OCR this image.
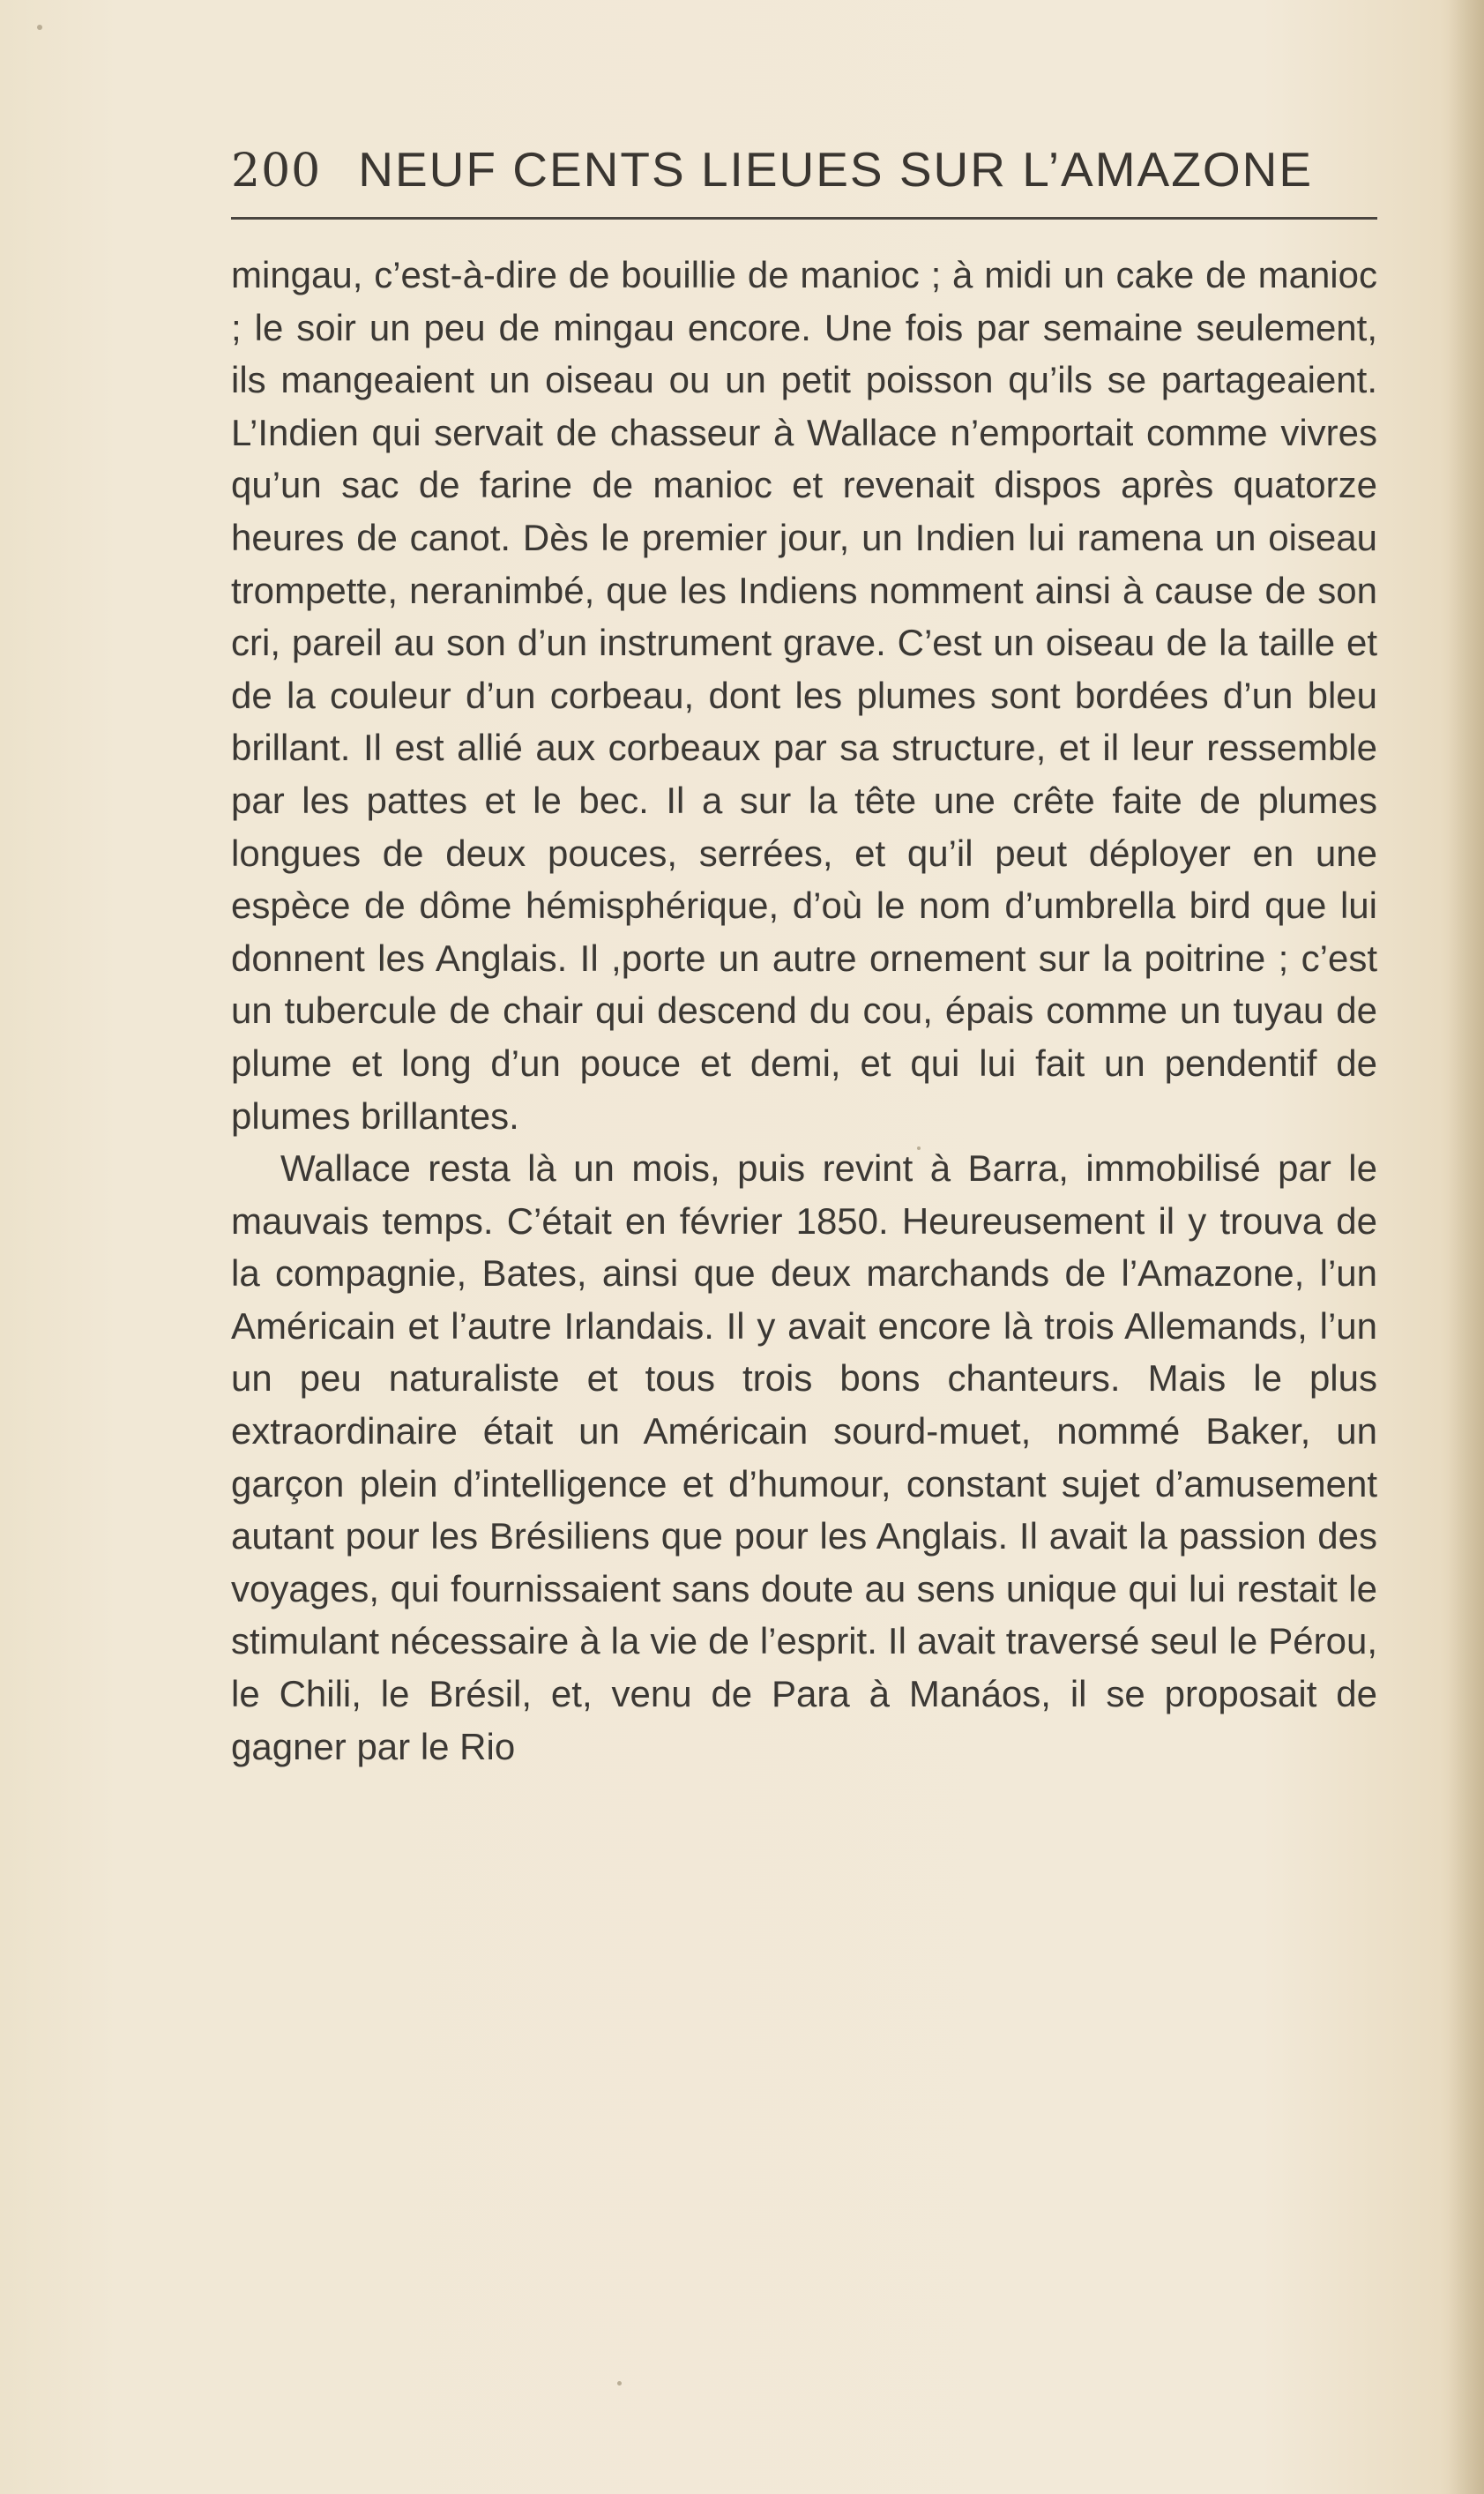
200 NEUF CENTS LIEUES SUR L’AMAZONE

mingau, c’est-à-dire de bouillie de manioc ; à midi un cake de manioc ; le soir un peu de mingau encore. Une fois par semaine seulement, ils mangeaient un oiseau ou un petit poisson qu’ils se partageaient. L’Indien qui servait de chasseur à Wallace n’emportait comme vivres qu’un sac de farine de manioc et revenait dispos après quatorze heures de canot. Dès le premier jour, un Indien lui ramena un oiseau trompette, neranimbé, que les Indiens nomment ainsi à cause de son cri, pareil au son d’un instrument grave. C’est un oiseau de la taille et de la couleur d’un corbeau, dont les plumes sont bordées d’un bleu brillant. Il est allié aux corbeaux par sa structure, et il leur ressemble par les pattes et le bec. Il a sur la tête une crête faite de plumes longues de deux pouces, serrées, et qu’il peut déployer en une espèce de dôme hémisphérique, d’où le nom d’umbrella bird que lui donnent les Anglais. Il ,porte un autre ornement sur la poitrine ; c’est un tubercule de chair qui descend du cou, épais comme un tuyau de plume et long d’un pouce et demi, et qui lui fait un pendentif de plumes brillantes.

Wallace resta là un mois, puis revint à Barra, immobilisé par le mauvais temps. C’était en février 1850. Heureusement il y trouva de la compagnie, Bates, ainsi que deux marchands de l’Amazone, l’un Américain et l’autre Irlandais. Il y avait encore là trois Allemands, l’un un peu naturaliste et tous trois bons chanteurs. Mais le plus extraordinaire était un Américain sourd-muet, nommé Baker, un garçon plein d’intelligence et d’humour, constant sujet d’amusement autant pour les Brésiliens que pour les Anglais. Il avait la passion des voyages, qui fournissaient sans doute au sens unique qui lui restait le stimulant nécessaire à la vie de l’esprit. Il avait traversé seul le Pérou, le Chili, le Brésil, et, venu de Para à Manáos, il se proposait de gagner par le Rio
